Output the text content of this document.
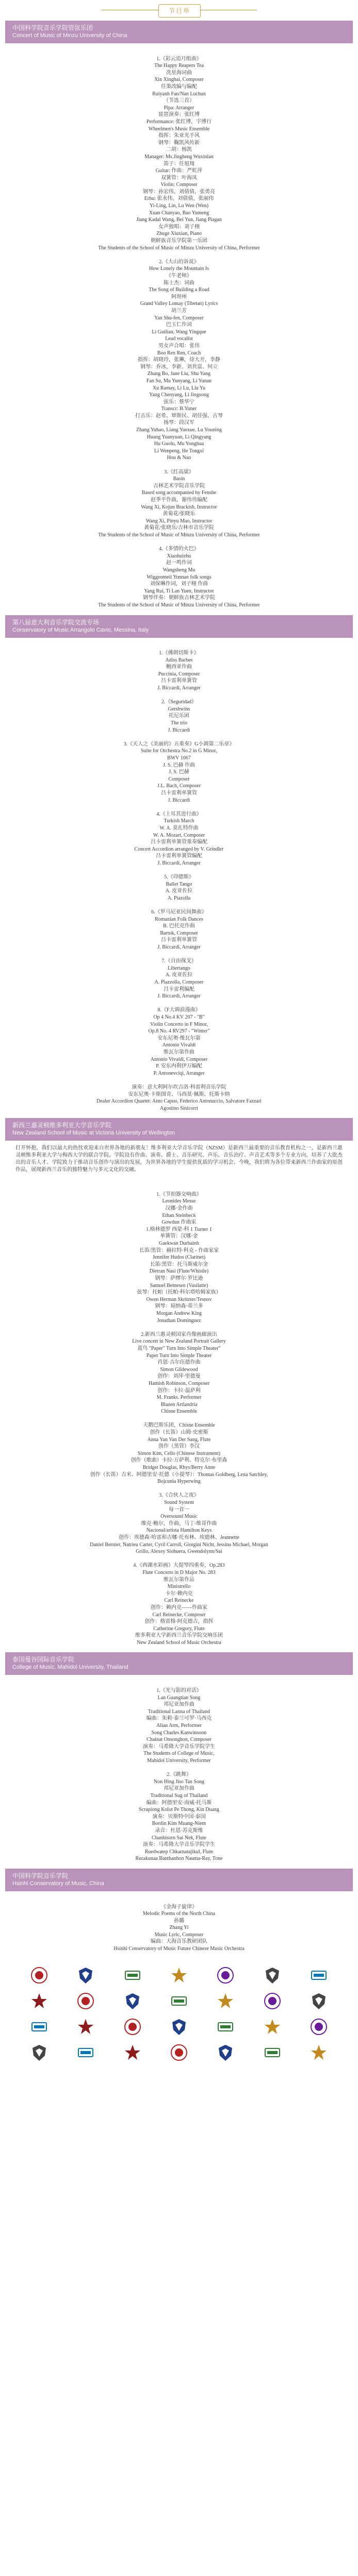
节目单
中国科学院音乐学院管弦乐团
Concert of Music of Minzu University of China
1.《彩云追月组曲》
The Happy Reapers Tea
冼星海词曲
Xin Xinghai, Composer
任策改编与编配
Ruiyanh Fan/Nan Luchun
（节选三首）
Pipa: Arranger
琵琶演奏：张红博
Performance: 张红博，宇博行
Wheelmen's Music Ensemble
指挥：朱亚光手风
钢琴：鞠凯风传新
二胡：杨凯
Manager: Ms.Jingheng Wuxinlan
笛子：任旭翔
Guitar: 作曲：严虹萍
双簧管：叶海凤
Violin: Composer
钢琴：孙宏伟，刘倩倩，张勇亮
Erhu: 张永伟，刘倩倩，张丽伟
Yi-Ling, Lin, Lu Wen (Wen)
Xuan Chanyao, Bao Yumeng
Jiang Kadal Wang, Bei Yun, Jiang Piagan
女声独唱：刘子栩
Zhuge Xiuxian, Piano
朝鲜族音乐学院第一乐团
The Students of the School of Music of Minzu University of China, Performer
2.《大山的诉说》
How Lonely the Mountain Is
《牛老师》
陈士杰：词曲
The Song of Building a Road
阿坝州
Grand Valley Lomay (Tibetan) Lyrics
胡兰芳
Yan Shu-fen, Composer
巴玉仁作词
Li Guilian, Wang Yingque
Lead vocalist
男女声合唱：张伟
Boo Ren Ren, Coach
指挥：胡晓玲，张琳，徐大开，李静
钢琴：乔冰，李新、刘世富、何立
Zhang Bo, Jane Liu, Shu Yang
Fan Su, Mu Yunyang, Li Yunan
Xu Ramay, Li Lu, Liu Yu
Yang Chenyang, Li Jingsong
弦乐：蔡华宁
Transcr: B.Yuner
打击乐：赵希、覃斯民、胡佳强、古琴
扬琴：段汉军
Zhang Yuhao, Liang Yuexue, Lu Youning
Huang Yuanyuan, Li Qingyang
Hu Guolu, Mu Yonghua
Li Wenpeng, He Tongxi
Hou & Nao
3.《红高粱》
Basin
吉林艺术学院音乐学院
Based song accompanied by Fenshe
赵季平作曲，谢伟伟编配
Wang Xi, Kojun Brackish, Instructor
黄菊花/张晓乐
Wang Xi, Pinyu Mao, Instructor
黄菊花/张晓乐/吉林市音乐学院
The Students of the School of Music of Minzu University of China, Performer
4.《多情的火巴》
Xiaohuizhu
赵一鸣作词
Wangsheng Mu
Wiggeomeii Yunnan folk songs
刘保琳作词，刘子栩 作曲
Yang Rui, Ti Lan Yuen, Instructor
钢琴伴奏：朝鲜族吉林艺术学院
The Students of the School of Music of Minzu University of China, Performer
第八届意大利音乐学院交流专场
Conservatory of Music Arrangolo Cavio, Messina, Italy
1.《佛朗切斯卡》
Adiss Barbes
鲍西亚作曲
Puccinia, Composer
吕卡雷利单簧管
J. Biccardi, Arranger
2.《Seguridad》
Gershwins
托尼乐团
The trio
J. Biccardi
3.《天人之《美丽的》五重奏》G小调第二乐章》
Suite for Orchestra No.2 in G Minor,
BWV 1067
J. S. 巴赫 作曲
J. S. 巴赫
Composer
J.L. Bach, Composer
吕卡雷利单簧管
J. Biccardi
4.《土耳其进行曲》
Turkish March
W. A. 莫扎特作曲
W. A. Mozart, Composer
吕卡雷利单簧管重奏编配
Concert Accordion arranged by V. Grindler
吕卡雷利单簧管编配
J. Biccardi, Arranger
5.《印德斯》
Ballet Tango
A. 皮亚佐拉
A. Piazolla
6.《罗马尼亚民间舞曲》
Romanian Folk Dances
B. 巴托克作曲
Bartok, Composer
吕卡雷利单簧管
J. Biccardi, Arranger
7.《自由探戈》
Libertango
A. 皮亚佐拉
A. Piazzolla, Composer
吕卡雷利编配
J. Biccardi, Arranger
8.《F大调浪漫曲》
Op 4 No.4 KV 207 - "B"
Violin Concerto in F Minor,
Op.8 No. 4 RV297 - "Winter"
安东尼奥·维瓦尔第
Antonio Vivaldi
维瓦尔第作曲
Antonio Vivaldi, Composer
P. 安东内利伊万编配
P. Antonevciqi, Arranger
演奏：意大利阿尔坎吉洛·科雷利音乐学院
安东尼奥·卡斯图奇、马西莫·佩斯、托斯卡纳
Dealer Accordion Quartet: Anto Capuo, Federico Antonuccio, Salvatore Fazzari
Agostino Sinicorri
新西兰惠灵顿维多利亚大学音乐学院
New Zealand School of Music at Victoria University of Wellington

打开怀抱，我们以最大的热忱欢迎来自世界各地的新朋友！维多利亚大学音乐学院（NZSM）是新西兰最重要的音乐教育机构之一，是新西兰惠灵顿维多利亚大学与梅西大学的联合学院。学院设有作曲、演奏、爵士、音乐研究、声乐、音乐治疗、声音艺术等多个专业方向，培养了大批杰出的音乐人才。学院致力于推动音乐创作与演出的发展，为世界各地的学生提供优质的学习机会。今晚，我们将为各位带来新西兰作曲家的原创作品，展现新西兰音乐的独特魅力与多元文化的交融。

1.《节拍器交响曲》
Leonides Messe
汉娜·金作曲
Ethan Steinbeck
Gowdun 作曲家
1.格林德罗 西蒙·科 1 Turner 1
单簧管：汉娜·金
Gaekwan Durbainh
长笛/黑管：赫拉特·科克 - 作曲家家
Jennifer Hudos (Clarinet)
长笛/黑管：托马斯威尔金
Dietran Nasi (Flute/Whistle)
钢琴：萨缪尔·罗比逊
Samuel Bemesen (Vasilatte)
弦琴：托帕（托帕·科尔塔哈姆家族）
Owen Herman Skritzter/Tesnov
钢琴：琼纳森·蒂兰多
Morgan Andrew King
Jonathan Dominguez
2.新西兰惠灵顿国家肖像画廊演出
Live concert in New Zealand Portrait Gallery
蓝鸟 "Paper" Turn Into Simple Theater"
Paper Turn Into Simple Theater
肖恩·吉尔伍德作曲
Simon Gildewood
创作：刘萍·里德曼
Hamish Robinson, Composer
创作：卡拉·温萨利
M. Franks. Performer
Blazen Artlandria
Chisne Ensemble
天鹅巴斯乐团，Chisne Ensemble
创作（长笛）山姆·史密斯
Anna Yan Van Der Sang, Flute
创作（黑管）李汉
Simon Kim, Cello (Chinese Instrument)
创作（歌曲）卡拉·万萨利、特克尔·布里森
Bridget Douglas, Rhys/Berry Anne
创作（长笛）吉米、阿德里安·托德（小提琴）：Thomas Goldberg, Lena Satchley,
Bojcunia Hyperwing
3.《合伙人之夜》
Sound System
每一首一
Oversound Music
维克·鲍尔，作曲，马丁·维哥作曲
Nacional/artista Hamilton Keys
创作：埃德森·哈雷和吉娜·托布林、埃德林、Jeannette
Daniel Bernier, Natrieu Carter, Cyril Carroll, Giorgini Nicht, Jessina Michael, Morgan
Grillo, Alexey Siohuera, Gwendolynn/Sai
4.《西湖水彩画》大提琴四重奏，Op.283
Flute Concerto in D Major No. 283
维瓦尔第作品
Ministrello
卡尔·赖内克
Carl Reinecke
创作：赖内克——作曲家
Carl Reinecke, Composer
创作：格雷格·阿克德吉，指挥
Catherine Gregory, Flute
维多利亚大学新西兰音乐学院交响乐团
New Zealand School of Music Orchestra
泰国曼谷国际音乐学院
College of Music, Mahidol University, Thailand
1.《光与影的对话》
Lan Guangtian Song
邦尼亚加作曲
Traditional Lanna of Thailand
编曲：朱莉·泰兰可罗·马西克
Alian Arm, Performer
Song Charles Kanwinsoon
Chainat Onsonghon, Composer
演奏：马希隆大学音乐学院学生
The Students of College of Music,
Mahidol University, Performer
2.《跳舞》
Non Hing Jiso Tan Song
邦尼亚加作曲
Traditional Sug of Thailand
编曲：阿德里安·南威·托马斯
Scrapiong Kolot Pe Thong, Kin Duang
演奏：贝斯特中国·泰国
Bordin Kim Muang-Niem
录音：杜恩·苏克斯维
Chanhisorn Sai Nek, Flute
演奏：马希隆大学音乐学院学生
Ruedwatep Chkarnatajikul, Flute
Rurakunaa Banthanhon Nauma-Ray, Tone
中国科学院音乐学院
Hsinhi Conservatory of Music, China
《金海子旋律》
Melodic Poems of the North China
孙璐
Zhang Yi
Music Lyric, Composer
编曲：大海音乐教研团队
Hsinhi Conservatory of Music Future Chinese Music Orchestra
